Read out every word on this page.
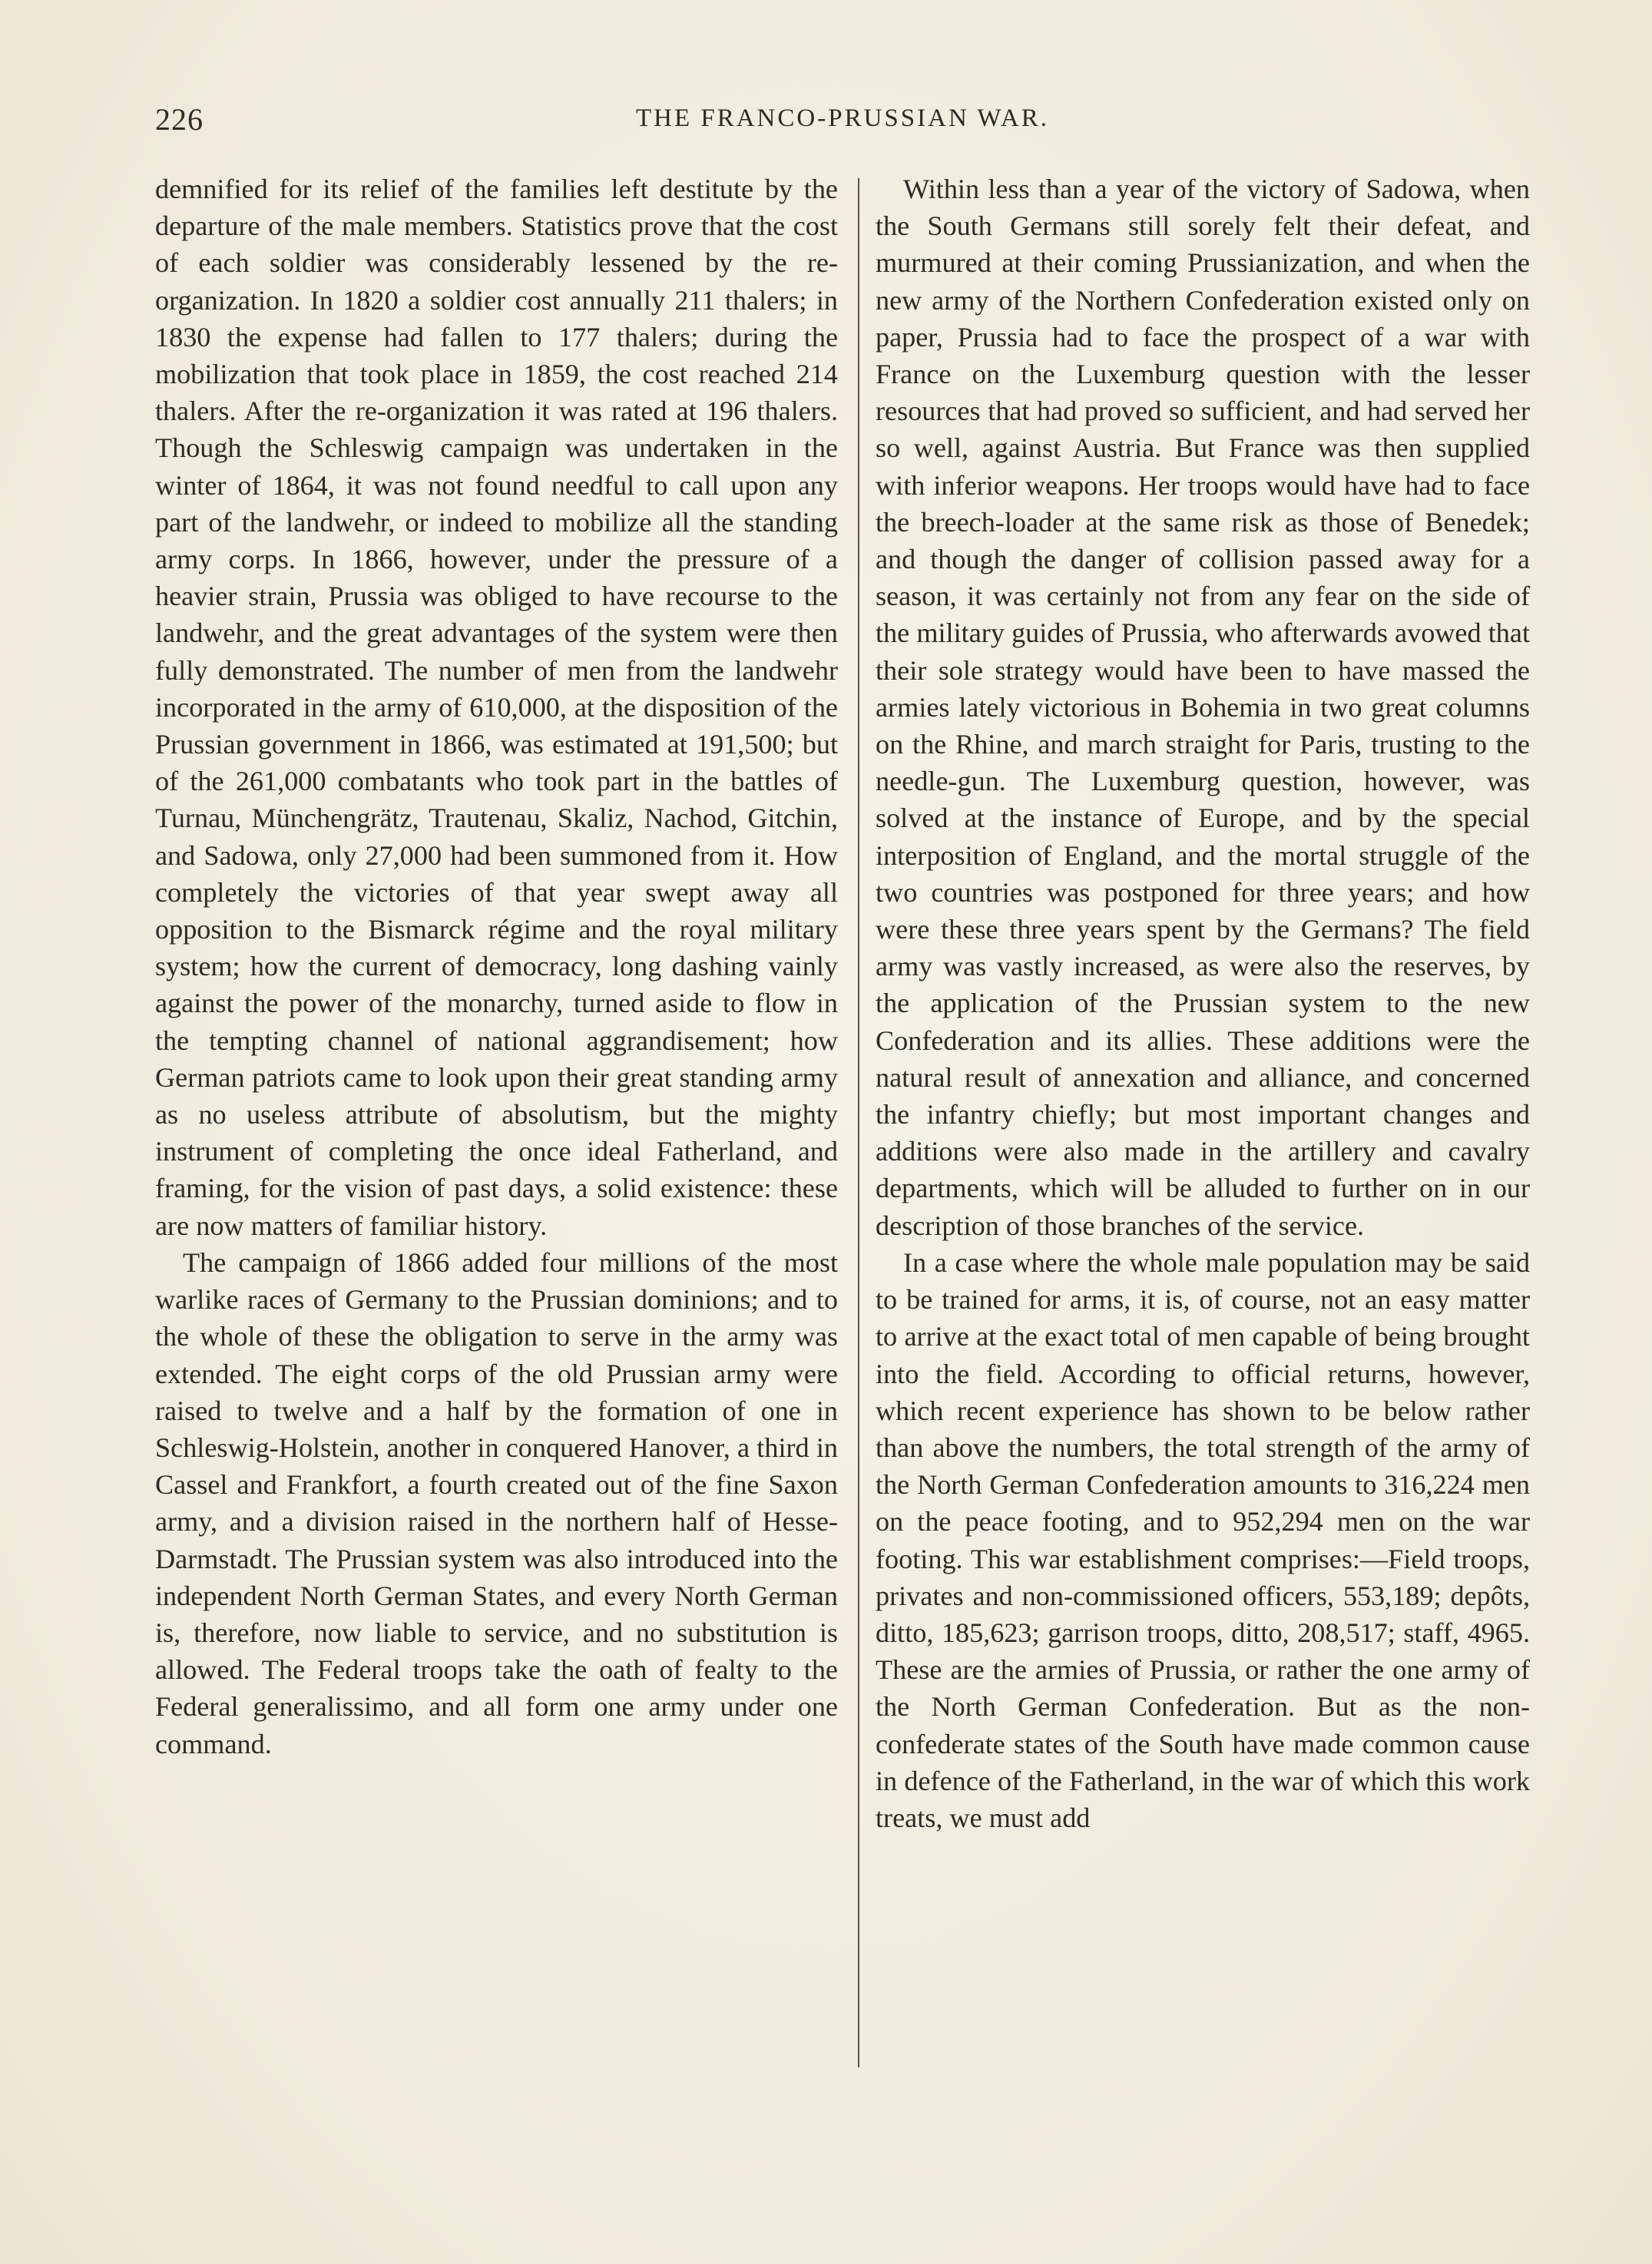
226	THE FRANCO-PRUSSIAN WAR.

demnified for its relief of the families left destitute by the departure of the male members. Statistics prove that the cost of each soldier was considerably lessened by the re-organization. In 1820 a soldier cost annually 211 thalers; in 1830 the expense had fallen to 177 thalers; during the mobilization that took place in 1859, the cost reached 214 thalers. After the re-organization it was rated at 196 thalers. Though the Schleswig campaign was undertaken in the winter of 1864, it was not found needful to call upon any part of the landwehr, or indeed to mobilize all the standing army corps. In 1866, however, under the pressure of a heavier strain, Prussia was obliged to have recourse to the landwehr, and the great advantages of the system were then fully demonstrated. The number of men from the landwehr incorporated in the army of 610,000, at the disposition of the Prussian government in 1866, was estimated at 191,500; but of the 261,000 combatants who took part in the battles of Turnau, Münchengrätz, Trautenau, Skaliz, Nachod, Gitchin, and Sadowa, only 27,000 had been summoned from it. How completely the victories of that year swept away all opposition to the Bismarck régime and the royal military system; how the current of democracy, long dashing vainly against the power of the monarchy, turned aside to flow in the tempting channel of national aggrandisement; how German patriots came to look upon their great standing army as no useless attribute of absolutism, but the mighty instrument of completing the once ideal Fatherland, and framing, for the vision of past days, a solid existence: these are now matters of familiar history.

The campaign of 1866 added four millions of the most warlike races of Germany to the Prussian dominions; and to the whole of these the obligation to serve in the army was extended. The eight corps of the old Prussian army were raised to twelve and a half by the formation of one in Schleswig-Holstein, another in conquered Hanover, a third in Cassel and Frankfort, a fourth created out of the fine Saxon army, and a division raised in the northern half of Hesse-Darmstadt. The Prussian system was also introduced into the independent North German States, and every North German is, therefore, now liable to service, and no substitution is allowed. The Federal troops take the oath of fealty to the Federal generalissimo, and all form one army under one command.

Within less than a year of the victory of Sadowa, when the South Germans still sorely felt their defeat, and murmured at their coming Prussianization, and when the new army of the Northern Confederation existed only on paper, Prussia had to face the prospect of a war with France on the Luxemburg question with the lesser resources that had proved so sufficient, and had served her so well, against Austria. But France was then supplied with inferior weapons. Her troops would have had to face the breech-loader at the same risk as those of Benedek; and though the danger of collision passed away for a season, it was certainly not from any fear on the side of the military guides of Prussia, who afterwards avowed that their sole strategy would have been to have massed the armies lately victorious in Bohemia in two great columns on the Rhine, and march straight for Paris, trusting to the needle-gun. The Luxemburg question, however, was solved at the instance of Europe, and by the special interposition of England, and the mortal struggle of the two countries was postponed for three years; and how were these three years spent by the Germans? The field army was vastly increased, as were also the reserves, by the application of the Prussian system to the new Confederation and its allies. These additions were the natural result of annexation and alliance, and concerned the infantry chiefly; but most important changes and additions were also made in the artillery and cavalry departments, which will be alluded to further on in our description of those branches of the service.

In a case where the whole male population may be said to be trained for arms, it is, of course, not an easy matter to arrive at the exact total of men capable of being brought into the field. According to official returns, however, which recent experience has shown to be below rather than above the numbers, the total strength of the army of the North German Confederation amounts to 316,224 men on the peace footing, and to 952,294 men on the war footing. This war establishment comprises:—Field troops, privates and non-commissioned officers, 553,189; depôts, ditto, 185,623; garrison troops, ditto, 208,517; staff, 4965. These are the armies of Prussia, or rather the one army of the North German Confederation. But as the non-confederate states of the South have made common cause in defence of the Fatherland, in the war of which this work treats, we must add
